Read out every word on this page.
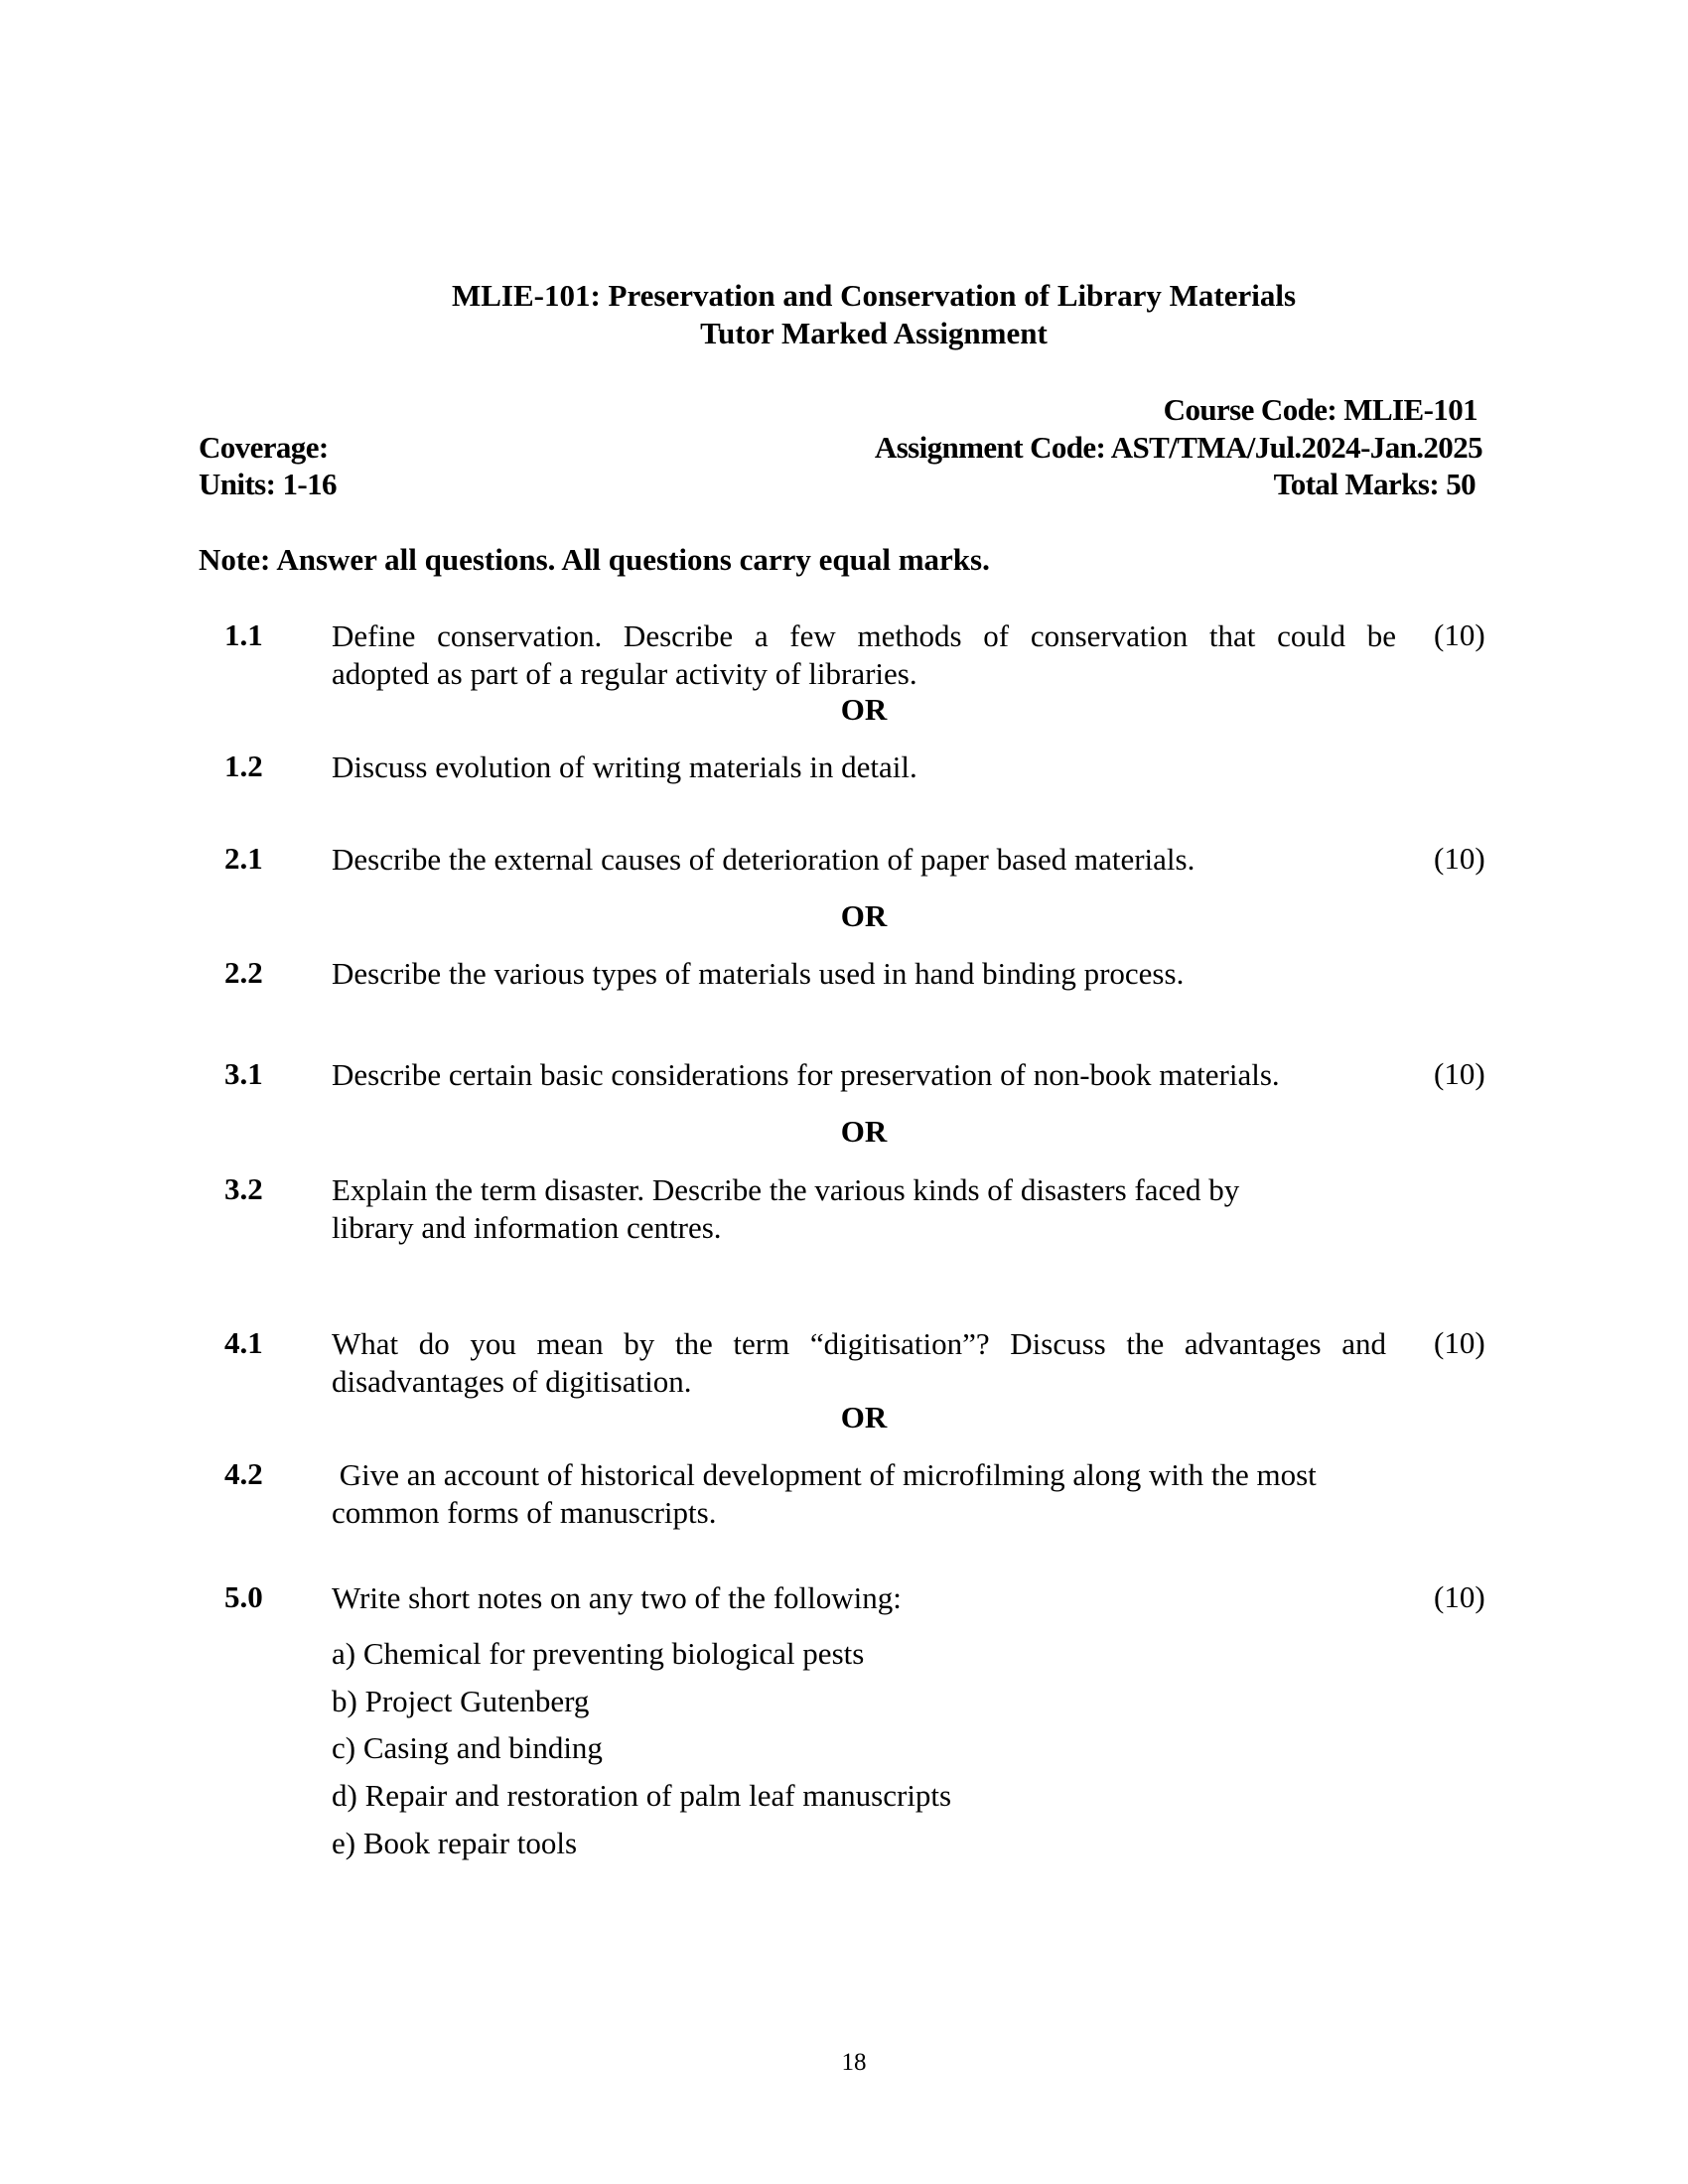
MLIE-101: Preservation and Conservation of Library Materials
Tutor Marked Assignment
Course Code: MLIE-101
Coverage:	Assignment Code: AST/TMA/Jul.2024-Jan.2025
Units: 1-16	Total Marks: 50
Note: Answer all questions. All questions carry equal marks.
1.1 Define conservation. Describe a few methods of conservation that could be
adopted as part of a regular activity of libraries.
(10)
OR
1.2 Discuss evolution of writing materials in detail.
2.1 Describe the external causes of deterioration of paper based materials.	(10)
OR
2.2 Describe the various types of materials used in hand binding process.
3.1 Describe certain basic considerations for preservation of non-book materials.	(10)
OR
3.2 Explain the term disaster. Describe the various kinds of disasters faced by
library and information centres.
4.1 What do you mean by the term “digitisation”? Discuss the advantages and
disadvantages of digitisation.
(10)
OR
4.2 Give an account of historical development of microfilming along with the most
common forms of manuscripts.
5.0 Write short notes on any two of the following:	(10)
a) Chemical for preventing biological pests
b) Project Gutenberg
c) Casing and binding
d) Repair and restoration of palm leaf manuscripts
e) Book repair tools
18
